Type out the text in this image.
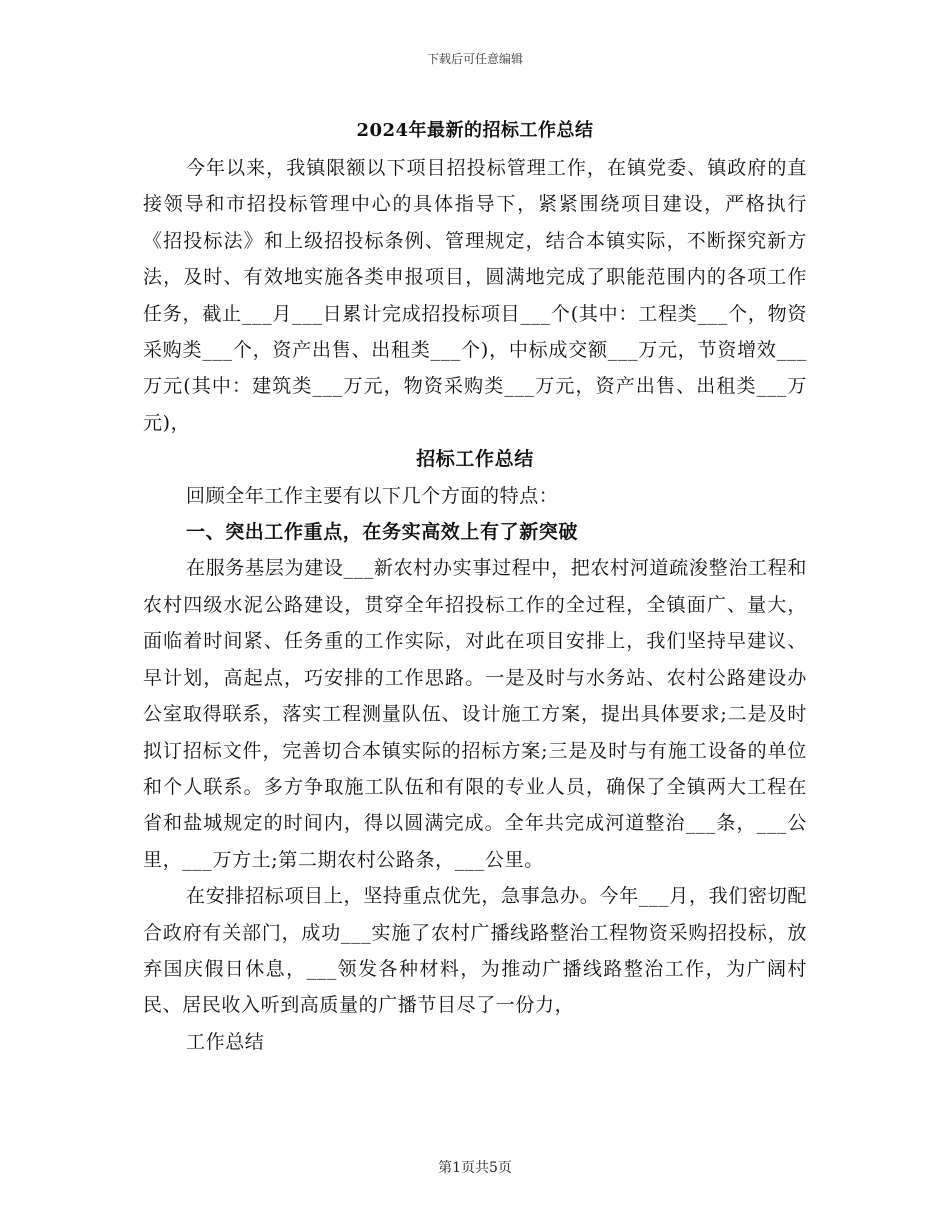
下载后可任意编辑
2024年最新的招标工作总结

今年以来，我镇限额以下项目招投标管理工作，在镇党委、镇政府的直接领导和市招投标管理中心的具体指导下，紧紧围绕项目建设，严格执行《招投标法》和上级招投标条例、管理规定，结合本镇实际，不断探究新方法，及时、有效地实施各类申报项目，圆满地完成了职能范围内的各项工作任务，截止___月___日累计完成招投标项目___个(其中：工程类___个，物资采购类___个，资产出售、出租类___个)，中标成交额___万元，节资增效___万元(其中：建筑类___万元，物资采购类___万元，资产出售、出租类___万元)，

招标工作总结

回顾全年工作主要有以下几个方面的特点：

一、突出工作重点，在务实高效上有了新突破

在服务基层为建设___新农村办实事过程中，把农村河道疏浚整治工程和农村四级水泥公路建设，贯穿全年招投标工作的全过程，全镇面广、量大，面临着时间紧、任务重的工作实际，对此在项目安排上，我们坚持早建议、早计划，高起点，巧安排的工作思路。一是及时与水务站、农村公路建设办公室取得联系，落实工程测量队伍、设计施工方案，提出具体要求;二是及时拟订招标文件，完善切合本镇实际的招标方案;三是及时与有施工设备的单位和个人联系。多方争取施工队伍和有限的专业人员，确保了全镇两大工程在省和盐城规定的时间内，得以圆满完成。全年共完成河道整治___条，___公里，___万方土;第二期农村公路条，___公里。

在安排招标项目上，坚持重点优先，急事急办。今年___月，我们密切配合政府有关部门，成功___实施了农村广播线路整治工程物资采购招投标，放弃国庆假日休息，___领发各种材料，为推动广播线路整治工作，为广阔村民、居民收入听到高质量的广播节目尽了一份力，

工作总结

第1页共5页
